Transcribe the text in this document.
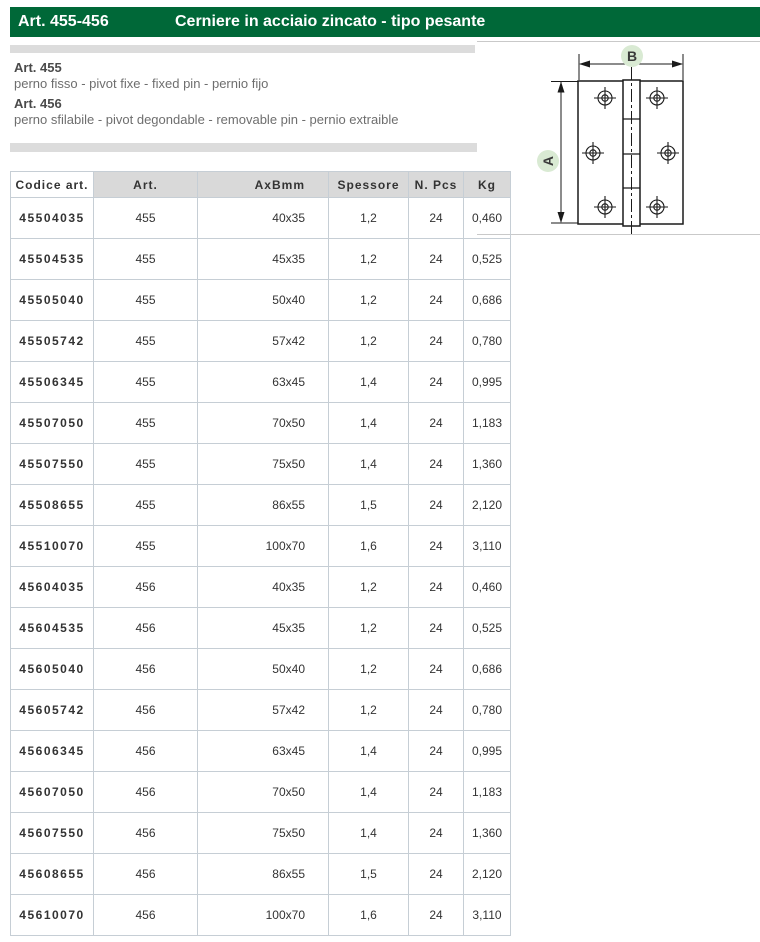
Art. 455-456	Cerniere in acciaio zincato - tipo pesante
Art. 455
perno fisso - pivot fixe - fixed pin - pernio fijo
Art. 456
perno sfilabile - pivot degondable - removable pin - pernio extraible
B
A
Codice art.	Art.	AxBmm	Spessore	N. Pcs	Kg
45504035	455	40x35	1,2	24	0,460
45504535	455	45x35	1,2	24	0,525
45505040	455	50x40	1,2	24	0,686
45505742	455	57x42	1,2	24	0,780
45506345	455	63x45	1,4	24	0,995
45507050	455	70x50	1,4	24	1,183
45507550	455	75x50	1,4	24	1,360
45508655	455	86x55	1,5	24	2,120
45510070	455	100x70	1,6	24	3,110
45604035	456	40x35	1,2	24	0,460
45604535	456	45x35	1,2	24	0,525
45605040	456	50x40	1,2	24	0,686
45605742	456	57x42	1,2	24	0,780
45606345	456	63x45	1,4	24	0,995
45607050	456	70x50	1,4	24	1,183
45607550	456	75x50	1,4	24	1,360
45608655	456	86x55	1,5	24	2,120
45610070	456	100x70	1,6	24	3,110
